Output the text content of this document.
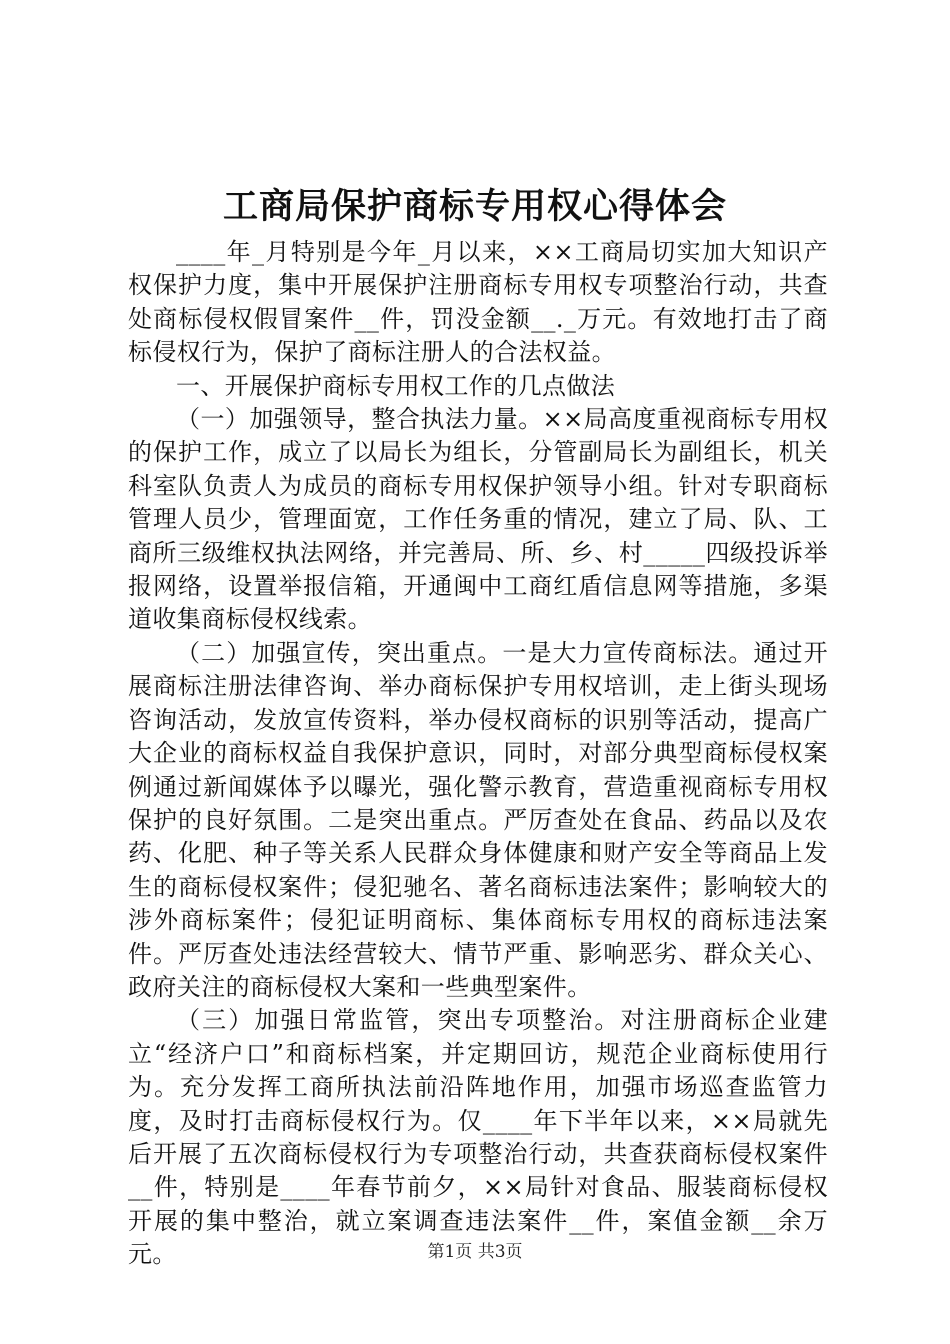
工商局保护商标专用权心得体会

____年_月特别是今年_月以来，××工商局切实加大知识产权保护力度，集中开展保护注册商标专用权专项整治行动，共查处商标侵权假冒案件__件，罚没金额__._万元。有效地打击了商标侵权行为，保护了商标注册人的合法权益。

一、开展保护商标专用权工作的几点做法

（一）加强领导，整合执法力量。××局高度重视商标专用权的保护工作，成立了以局长为组长，分管副局长为副组长，机关科室队负责人为成员的商标专用权保护领导小组。针对专职商标管理人员少，管理面宽，工作任务重的情况，建立了局、队、工商所三级维权执法网络，并完善局、所、乡、村_____四级投诉举报网络，设置举报信箱，开通闽中工商红盾信息网等措施，多渠道收集商标侵权线索。

（二）加强宣传，突出重点。一是大力宣传商标法。通过开展商标注册法律咨询、举办商标保护专用权培训，走上街头现场咨询活动，发放宣传资料，举办侵权商标的识别等活动，提高广大企业的商标权益自我保护意识，同时，对部分典型商标侵权案例通过新闻媒体予以曝光，强化警示教育，营造重视商标专用权保护的良好氛围。二是突出重点。严厉查处在食品、药品以及农药、化肥、种子等关系人民群众身体健康和财产安全等商品上发生的商标侵权案件；侵犯驰名、著名商标违法案件；影响较大的涉外商标案件；侵犯证明商标、集体商标专用权的商标违法案件。严厉查处违法经营较大、情节严重、影响恶劣、群众关心、政府关注的商标侵权大案和一些典型案件。

（三）加强日常监管，突出专项整治。对注册商标企业建立“经济户口”和商标档案，并定期回访，规范企业商标使用行为。充分发挥工商所执法前沿阵地作用，加强市场巡查监管力度，及时打击商标侵权行为。仅____年下半年以来，××局就先后开展了五次商标侵权行为专项整治行动，共查获商标侵权案件__件，特别是____年春节前夕，××局针对食品、服装商标侵权开展的集中整治，就立案调查违法案件__件，案值金额__余万元。	第1页 共3页
